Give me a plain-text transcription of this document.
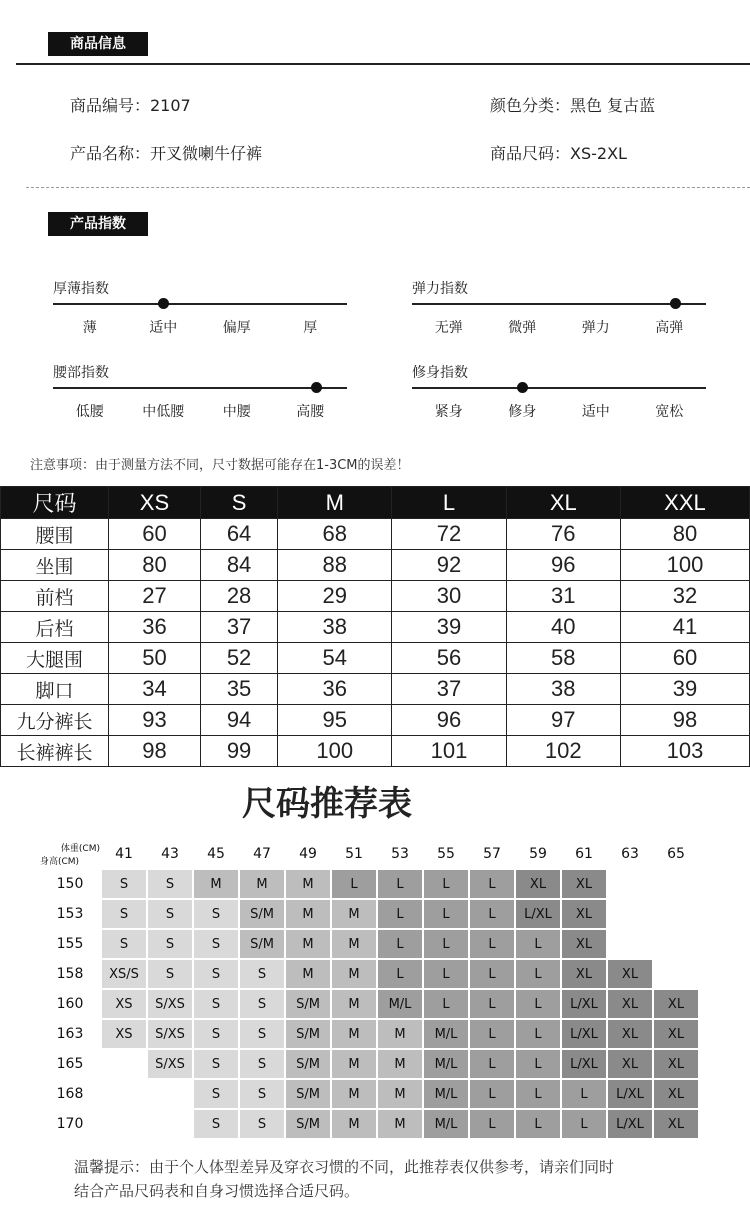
商品信息
商品编号：2107	颜色分类：黑色 复古蓝
产品名称：开叉微喇牛仔裤	商品尺码：XS-2XL
产品指数
厚薄指数
薄	适中	偏厚	厚
弹力指数
无弹	微弹	弹力	高弹
腰部指数
低腰	中低腰	中腰	高腰
修身指数
紧身	修身	适中	宽松
注意事项：由于测量方法不同，尺寸数据可能存在1-3CM的误差！
尺码	XS	S	M	L	XL	XXL
腰围	60	64	68	72	76	80
坐围	80	84	88	92	96	100
前档	27	28	29	30	31	32
后档	36	37	38	39	40	41
大腿围	50	52	54	56	58	60
脚口	34	35	36	37	38	39
九分裤长	93	94	95	96	97	98
长裤裤长	98	99	100	101	102	103
尺码推荐表
体重(CM)
身高(CM)	41	43	45	47	49	51	53	55	57	59	61	63	65
150	S	S	M	M	M	L	L	L	L	XL	XL		
153	S	S	S	S/M	M	M	L	L	L	L/XL	XL		
155	S	S	S	S/M	M	M	L	L	L	L	XL		
158	XS/S	S	S	S	M	M	L	L	L	L	XL	XL	
160	XS	S/XS	S	S	S/M	M	M/L	L	L	L	L/XL	XL	XL
163	XS	S/XS	S	S	S/M	M	M	M/L	L	L	L/XL	XL	XL
165		S/XS	S	S	S/M	M	M	M/L	L	L	L/XL	XL	XL
168			S	S	S/M	M	M	M/L	L	L	L	L/XL	XL
170			S	S	S/M	M	M	M/L	L	L	L	L/XL	XL
温馨提示：由于个人体型差异及穿衣习惯的不同，此推荐表仅供参考，请亲们同时
结合产品尺码表和自身习惯选择合适尺码。
